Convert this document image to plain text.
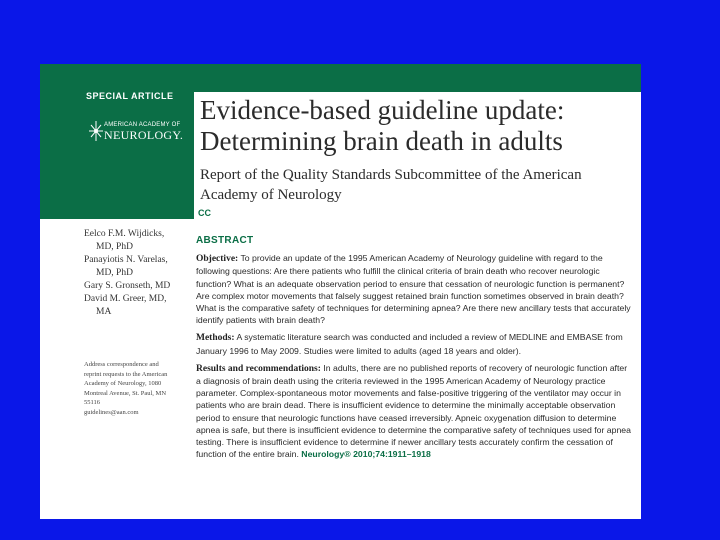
SPECIAL ARTICLE
AMERICAN ACADEMY OF
NEUROLOGY.
Evidence-based guideline update:
Determining brain death in adults
Report of the Quality Standards Subcommittee of the American Academy of Neurology
CC
Eelco F.M. Wijdicks,
MD, PhD
Panayiotis N. Varelas,
MD, PhD
Gary S. Gronseth, MD
David M. Greer, MD,
MA
Address correspondence and
reprint requests to the American
Academy of Neurology, 1080
Montreal Avenue, St. Paul, MN
55116
guidelines@aan.com
ABSTRACT

Objective: To provide an update of the 1995 American Academy of Neurology guideline with regard to the following questions: Are there patients who fulfill the clinical criteria of brain death who recover neurologic function? What is an adequate observation period to ensure that cessation of neurologic function is permanent? Are complex motor movements that falsely suggest retained brain function sometimes observed in brain death? What is the comparative safety of techniques for determining apnea? Are there new ancillary tests that accurately identify patients with brain death?

Methods: A systematic literature search was conducted and included a review of MEDLINE and EMBASE from January 1996 to May 2009. Studies were limited to adults (aged 18 years and older).

Results and recommendations: In adults, there are no published reports of recovery of neurologic function after a diagnosis of brain death using the criteria reviewed in the 1995 American Academy of Neurology practice parameter. Complex-spontaneous motor movements and false-positive triggering of the ventilator may occur in patients who are brain dead. There is insufficient evidence to determine the minimally acceptable observation period to ensure that neurologic functions have ceased irreversibly. Apneic oxygenation diffusion to determine apnea is safe, but there is insufficient evidence to determine the comparative safety of techniques used for apnea testing. There is insufficient evidence to determine if newer ancillary tests accurately confirm the cessation of function of the entire brain. Neurology® 2010;74:1911–1918
